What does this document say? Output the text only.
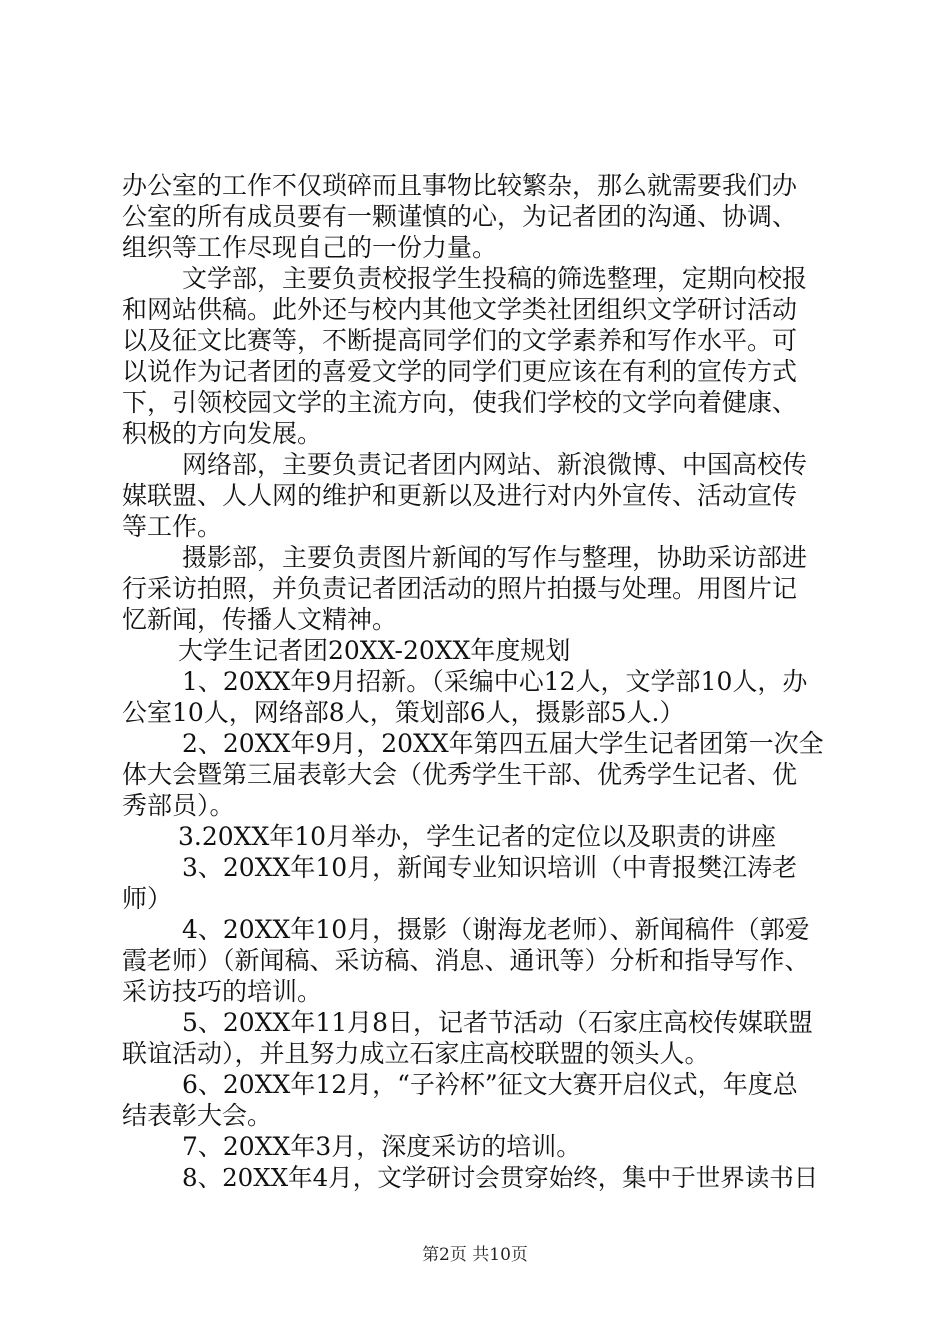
办公室的工作不仅琐碎而且事物比较繁杂，那么就需要我们办
公室的所有成员要有一颗谨慎的心，为记者团的沟通、协调、
组织等工作尽现自己的一份力量。
文学部，主要负责校报学生投稿的筛选整理，定期向校报
和网站供稿。此外还与校内其他文学类社团组织文学研讨活动
以及征文比赛等，不断提高同学们的文学素养和写作水平。可
以说作为记者团的喜爱文学的同学们更应该在有利的宣传方式
下，引领校园文学的主流方向，使我们学校的文学向着健康、
积极的方向发展。
网络部，主要负责记者团内网站、新浪微博、中国高校传
媒联盟、人人网的维护和更新以及进行对内外宣传、活动宣传
等工作。
摄影部，主要负责图片新闻的写作与整理，协助采访部进
行采访拍照，并负责记者团活动的照片拍摄与处理。用图片记
忆新闻，传播人文精神。
大学生记者团20XX-20XX年度规划
1、20XX年9月招新。（采编中心12人，文学部10人，办
公室10人，网络部8人，策划部6人，摄影部5人.）
2、20XX年9月，20XX年第四五届大学生记者团第一次全
体大会暨第三届表彰大会（优秀学生干部、优秀学生记者、优
秀部员）。
3.20XX年10月举办，学生记者的定位以及职责的讲座
3、20XX年10月，新闻专业知识培训（中青报樊江涛老
师）
4、20XX年10月，摄影（谢海龙老师）、新闻稿件（郭爱
霞老师）（新闻稿、采访稿、消息、通讯等）分析和指导写作、
采访技巧的培训。
5、20XX年11月8日，记者节活动（石家庄高校传媒联盟
联谊活动），并且努力成立石家庄高校联盟的领头人。
6、20XX年12月，“子衿杯”征文大赛开启仪式，年度总
结表彰大会。
7、20XX年3月，深度采访的培训。
8、20XX年4月，文学研讨会贯穿始终，集中于世界读书日
第2页 共10页
